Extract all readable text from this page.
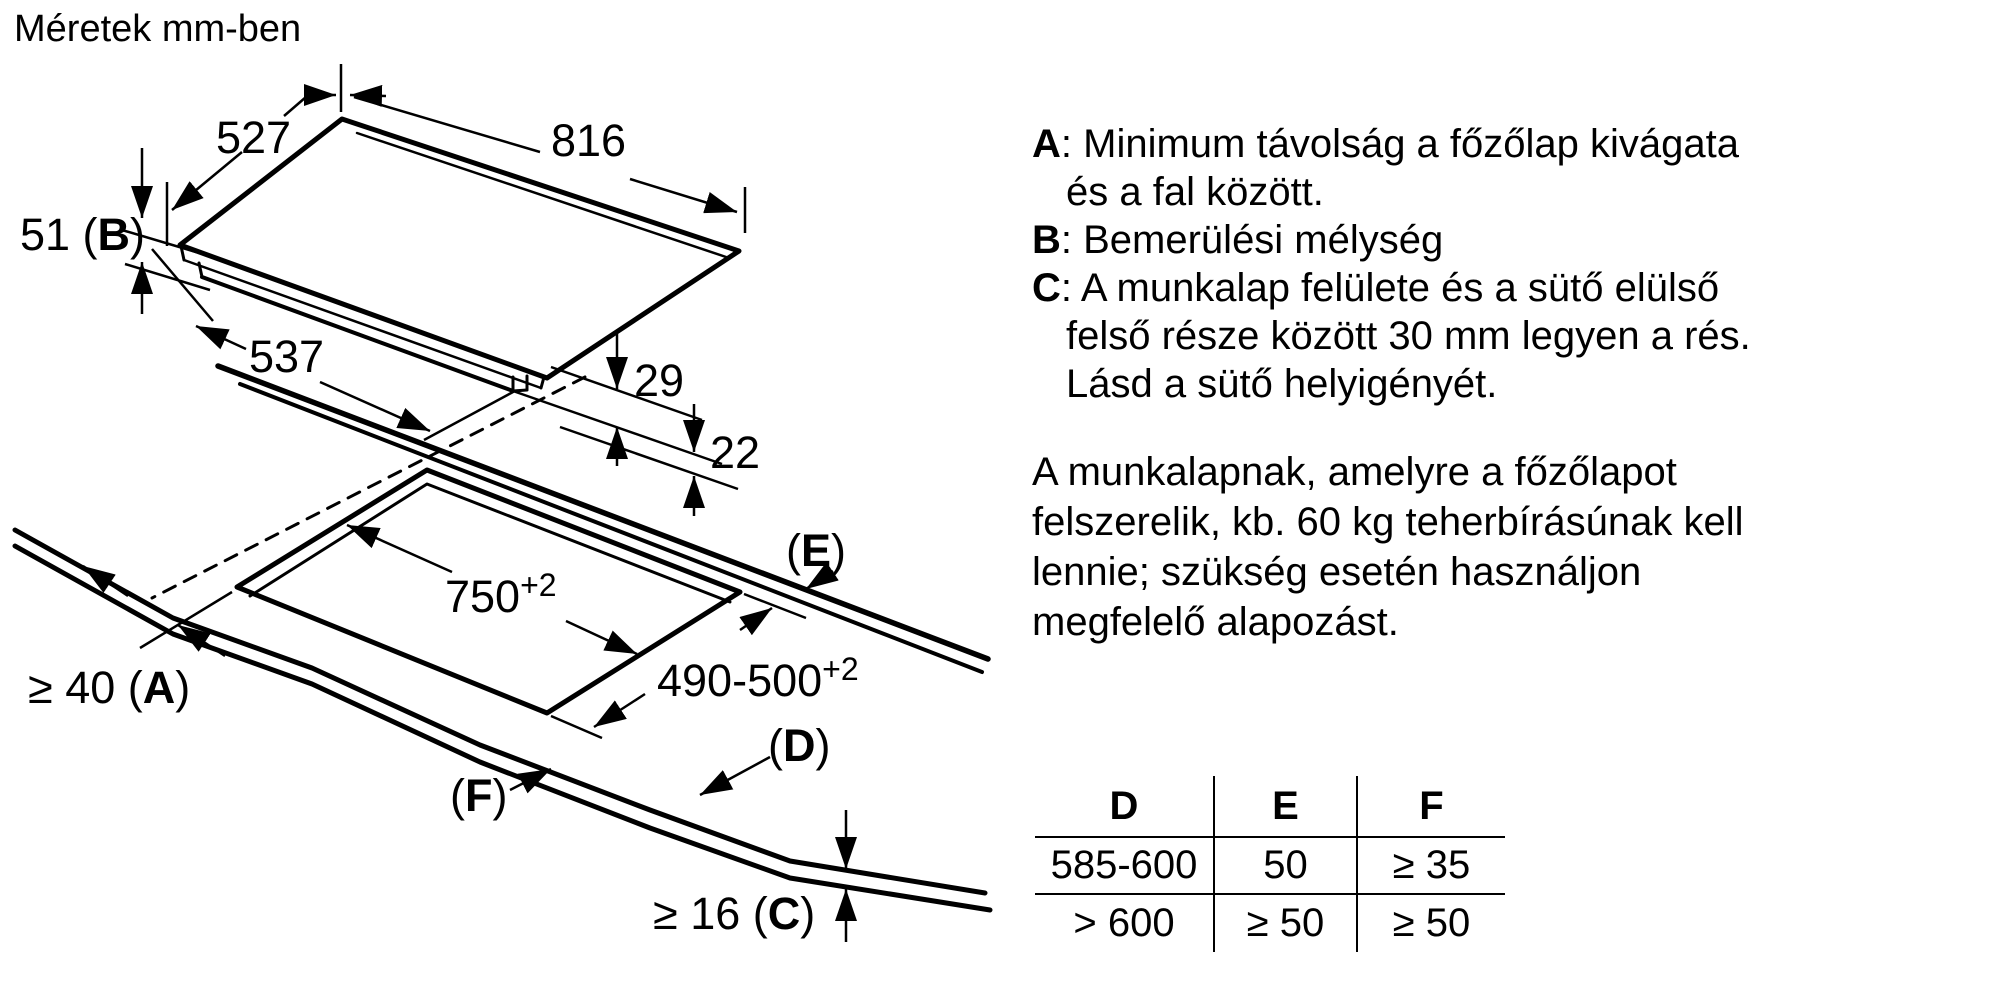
Méretek mm-ben
527	816
51 (B)
537	29
22
$750^{+2}$
$490-500^{+2}$
(E)
(D)
(F)
≥ 40 (A)
≥ 16 (C)
A: Minimum távolság a főzőlap kivágata
és a fal között.
B: Bemerülési mélység
C: A munkalap felülete és a sütő elülső
felső része között 30 mm legyen a rés.
Lásd a sütő helyigényét.
A munkalapnak, amelyre a főzőlapot
felszerelik, kb. 60 kg teherbírásúnak kell
lennie; szükség esetén használjon
megfelelő alapozást.
D	E	F
585-600	50	≥ 35
> 600	≥ 50	≥ 50
